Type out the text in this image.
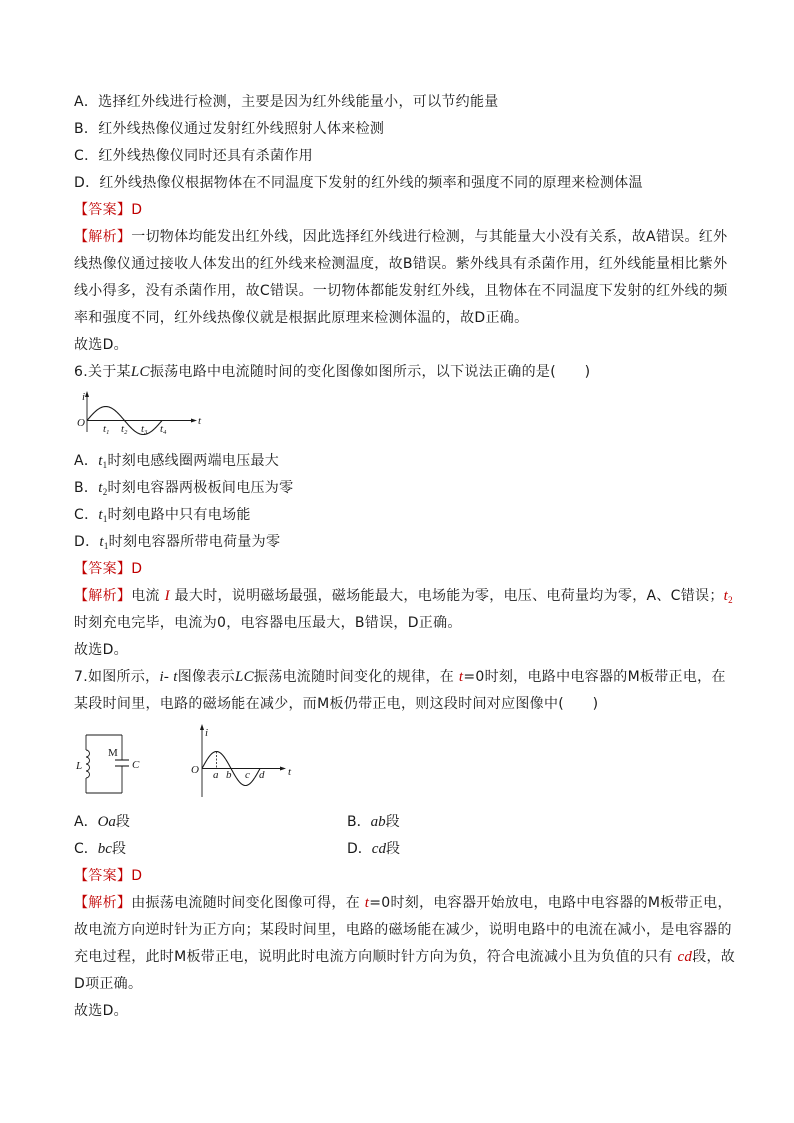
A．选择红外线进行检测，主要是因为红外线能量小，可以节约能量
B．红外线热像仪通过发射红外线照射人体来检测
C．红外线热像仪同时还具有杀菌作用
D．红外线热像仪根据物体在不同温度下发射的红外线的频率和强度不同的原理来检测体温
【答案】D
【解析】一切物体均能发出红外线，因此选择红外线进行检测，与其能量大小没有关系，故A错误。红外
线热像仪通过接收人体发出的红外线来检测温度，故B错误。紫外线具有杀菌作用，红外线能量相比紫外
线小得多，没有杀菌作用，故C错误。一切物体都能发射红外线，且物体在不同温度下发射的红外线的频
率和强度不同，红外线热像仪就是根据此原理来检测体温的，故D正确。
故选D。
6.关于某LC振荡电路中电流随时间的变化图像如图所示，以下说法正确的是(　　)
i
O	t
t1 t2 t3 t4
A．$t_1$时刻电感线圈两端电压最大
B．$t_2$时刻电容器两极板间电压为零
C．$t_1$时刻电路中只有电场能
D．$t_1$时刻电容器所带电荷量为零
【答案】D
【解析】电流 I 最大时，说明磁场最强，磁场能最大，电场能为零，电压、电荷量均为零，A、C错误；$t_2$
时刻充电完毕，电流为0，电容器电压最大，B错误，D正确。
故选D。
7.如图所示，i- t图像表示LC振荡电流随时间变化的规律，在 t=0时刻，电路中电容器的M板带正电，在
某段时间里，电路的磁场能在减少，而M板仍带正电，则这段时间对应图像中(　　)
L
M
C
i
O	t
a b c d
A．Oa段	B．ab段
C．bc段	D．cd段
【答案】D
【解析】由振荡电流随时间变化图像可得，在 t=0时刻，电容器开始放电，电路中电容器的M板带正电，
故电流方向逆时针为正方向；某段时间里，电路的磁场能在减少，说明电路中的电流在减小，是电容器的
充电过程，此时M板带正电，说明此时电流方向顺时针方向为负，符合电流减小且为负值的只有 cd段，故
D项正确。
故选D。
